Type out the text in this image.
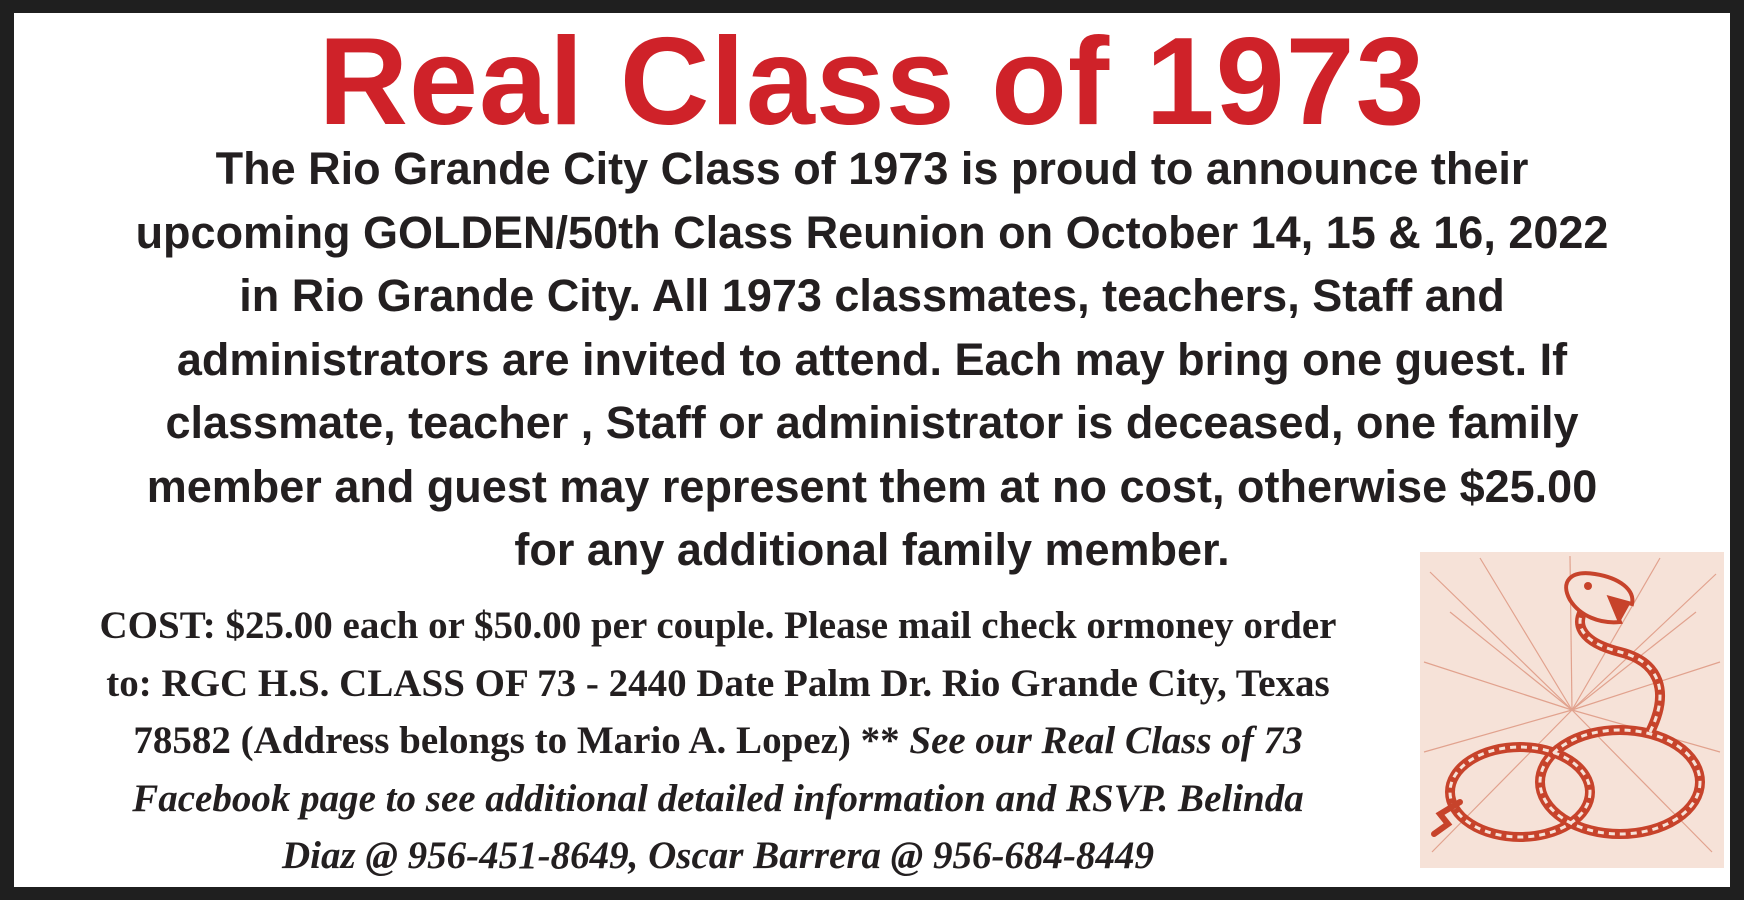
Real Class of 1973
The Rio Grande City Class of 1973 is proud to announce their
upcoming GOLDEN/50th Class Reunion on October 14, 15 & 16, 2022
in Rio Grande City. All 1973 classmates, teachers, Staff and
administrators are invited to attend. Each may bring one guest. If
classmate, teacher , Staff or administrator is deceased, one family
member and guest may represent them at no cost, otherwise $25.00
for any additional family member.
COST: $25.00 each or $50.00 per couple. Please mail check ormoney order
to: RGC H.S. CLASS OF 73 - 2440 Date Palm Dr. Rio Grande City, Texas
78582 (Address belongs to Mario A. Lopez) ** See our Real Class of 73
Facebook page to see additional detailed information and RSVP. Belinda
Diaz @ 956-451-8649, Oscar Barrera @ 956-684-8449
